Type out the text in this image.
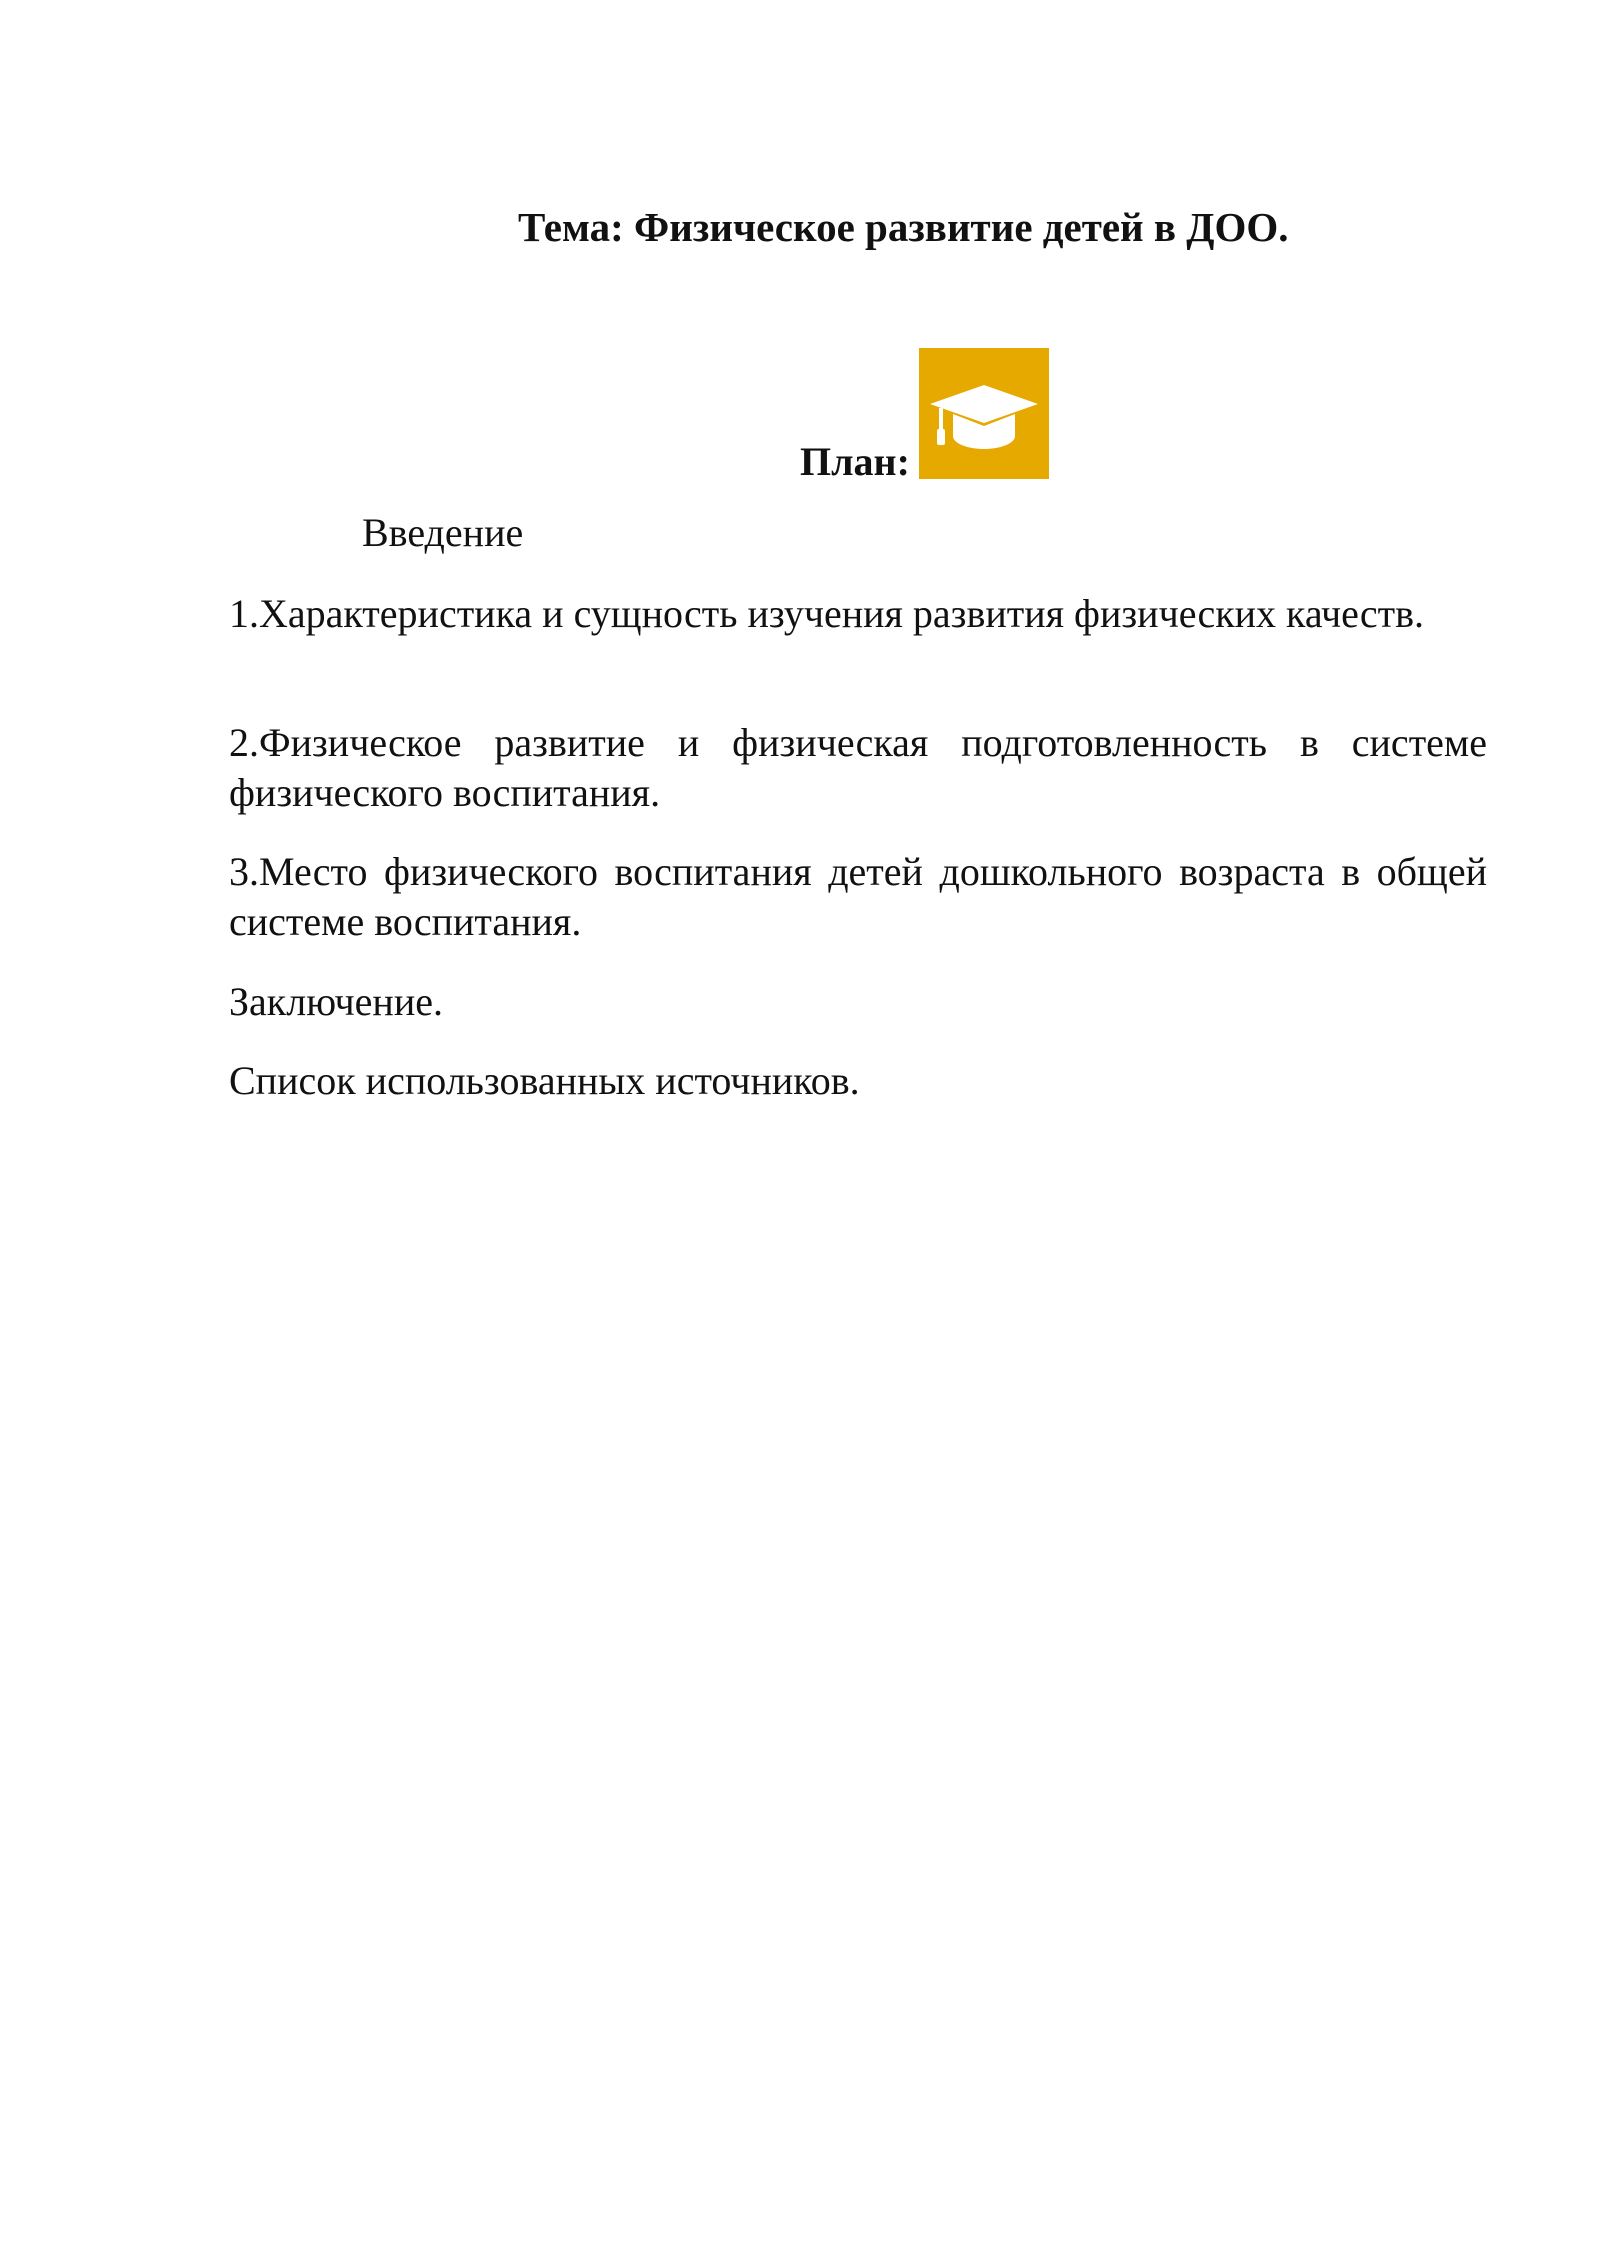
Тема: Физическое развитие детей в ДОО.
План:
Введение

1.Характеристика и сущность изучения развития физических качеств.

2.Физическое развитие и физическая подготовленность в системе физического воспитания.

3.Место физического воспитания детей дошкольного возраста в общей системе воспитания.

Заключение.
Список использованных источников.
